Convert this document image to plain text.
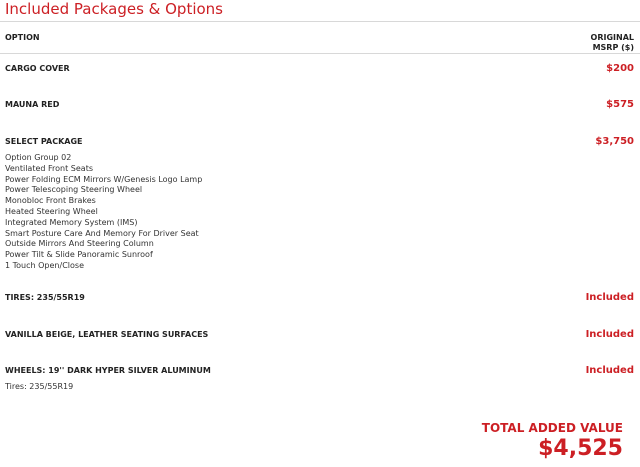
Included Packages & Options
OPTION	ORIGINAL
MSRP ($)
CARGO COVER	$200
MAUNA RED	$575
SELECT PACKAGE	$3,750
Option Group 02
Ventilated Front Seats
Power Folding ECM Mirrors W/Genesis Logo Lamp
Power Telescoping Steering Wheel
Monobloc Front Brakes
Heated Steering Wheel
Integrated Memory System (IMS)
Smart Posture Care And Memory For Driver Seat
Outside Mirrors And Steering Column
Power Tilt & Slide Panoramic Sunroof
1 Touch Open/Close
TIRES: 235/55R19	Included
VANILLA BEIGE, LEATHER SEATING SURFACES	Included
WHEELS: 19'' DARK HYPER SILVER ALUMINUM	Included
Tires: 235/55R19
TOTAL ADDED VALUE
$4,525
